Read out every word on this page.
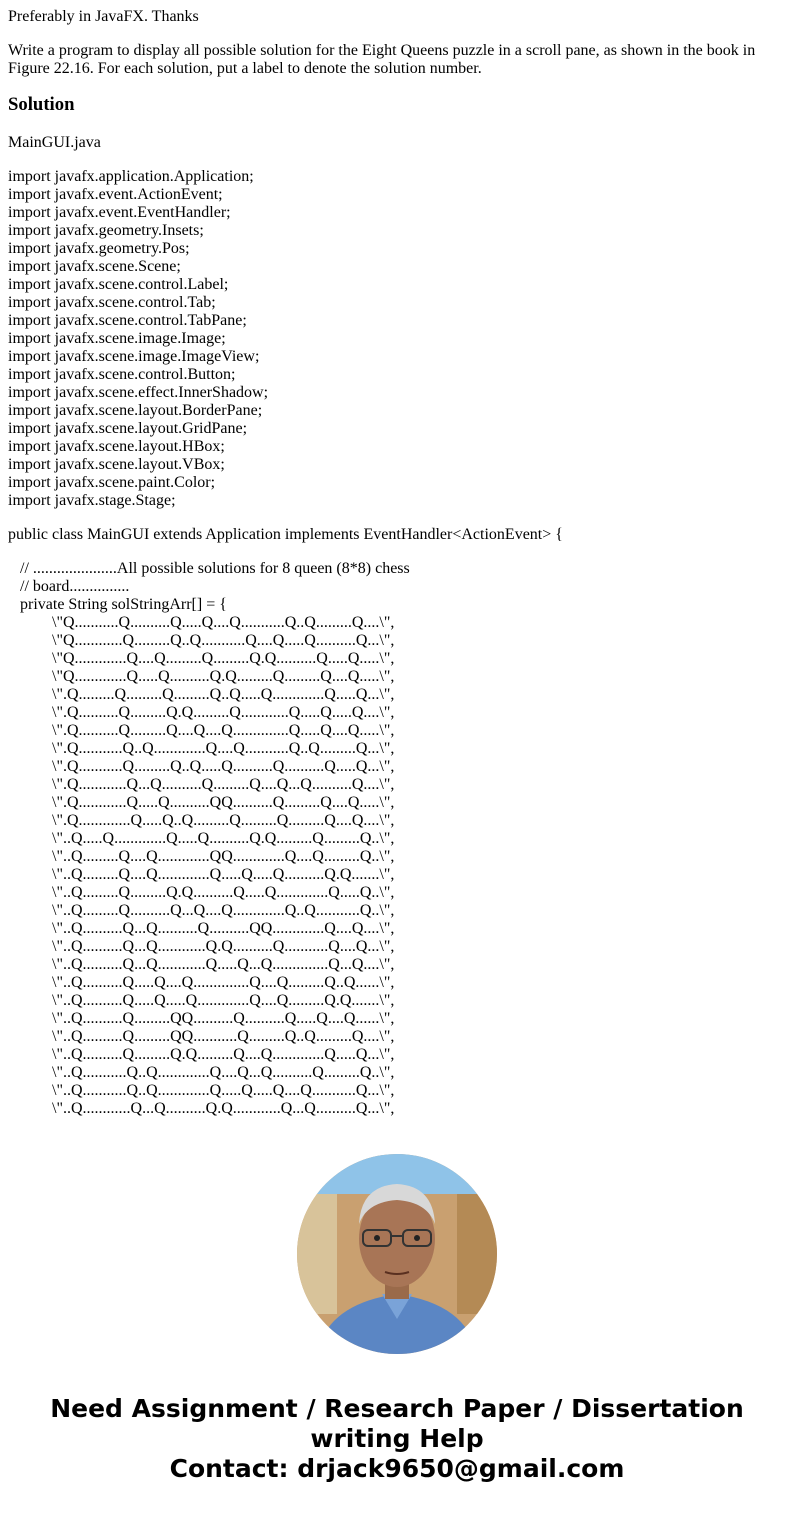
Preferably in JavaFX. Thanks

Write a program to display all possible solution for the Eight Queens puzzle in a scroll pane, as shown in the book in Figure 22.16. For each solution, put a label to denote the solution number.

Solution

MainGUI.java

import javafx.application.Application;
import javafx.event.ActionEvent;
import javafx.event.EventHandler;
import javafx.geometry.Insets;
import javafx.geometry.Pos;
import javafx.scene.Scene;
import javafx.scene.control.Label;
import javafx.scene.control.Tab;
import javafx.scene.control.TabPane;
import javafx.scene.image.Image;
import javafx.scene.image.ImageView;
import javafx.scene.control.Button;
import javafx.scene.effect.InnerShadow;
import javafx.scene.layout.BorderPane;
import javafx.scene.layout.GridPane;
import javafx.scene.layout.HBox;
import javafx.scene.layout.VBox;
import javafx.scene.paint.Color;
import javafx.stage.Stage;

public class MainGUI extends Application implements EventHandler<ActionEvent> {

// .....................All possible solutions for 8 queen (8*8) chess
// board...............
private String solStringArr[] = {
\"Q...........Q..........Q.....Q....Q...........Q..Q.........Q....\",
\"Q............Q.........Q..Q...........Q....Q.....Q..........Q...\",
\"Q.............Q....Q.........Q.........Q.Q..........Q.....Q.....\",
\"Q.............Q.....Q..........Q.Q.........Q.........Q....Q.....\",
\".Q.........Q.........Q.........Q..Q.....Q.............Q.....Q...\",
\".Q..........Q.........Q.Q.........Q............Q.....Q.....Q....\",
\".Q..........Q.........Q....Q....Q..............Q.....Q....Q.....\",
\".Q...........Q..Q.............Q....Q...........Q..Q.........Q...\",
\".Q...........Q.........Q..Q.....Q..........Q..........Q.....Q...\",
\".Q............Q...Q..........Q.........Q....Q...Q..........Q....\",
\".Q............Q.....Q..........QQ..........Q.........Q....Q.....\",
\".Q.............Q.....Q..Q.........Q.........Q.........Q....Q....\",
\"..Q.....Q.............Q.....Q..........Q.Q.........Q.........Q..\",
\"..Q.........Q....Q.............QQ.............Q....Q.........Q..\",
\"..Q.........Q....Q.............Q.....Q.....Q..........Q.Q.......\",
\"..Q.........Q.........Q.Q..........Q.....Q.............Q.....Q..\",
\"..Q.........Q..........Q...Q....Q.............Q..Q...........Q..\",
\"..Q..........Q...Q..........Q..........QQ.............Q....Q....\",
\"..Q..........Q...Q............Q.Q..........Q...........Q....Q...\",
\"..Q..........Q...Q............Q.....Q...Q..............Q...Q....\",
\"..Q..........Q.....Q....Q..............Q....Q.........Q..Q......\",
\"..Q..........Q.....Q.....Q.............Q....Q.........Q.Q.......\",
\"..Q..........Q.........QQ..........Q..........Q.....Q....Q......\",
\"..Q..........Q.........QQ...........Q.........Q..Q.........Q....\",
\"..Q..........Q.........Q.Q.........Q....Q.............Q.....Q...\",
\"..Q...........Q..Q.............Q....Q...Q..........Q.........Q..\",
\"..Q...........Q..Q.............Q.....Q.....Q....Q...........Q...\",
\"..Q............Q...Q..........Q.Q............Q...Q..........Q...\",
Need Assignment / Research Paper / Dissertation
writing Help
Contact: drjack9650@gmail.com
